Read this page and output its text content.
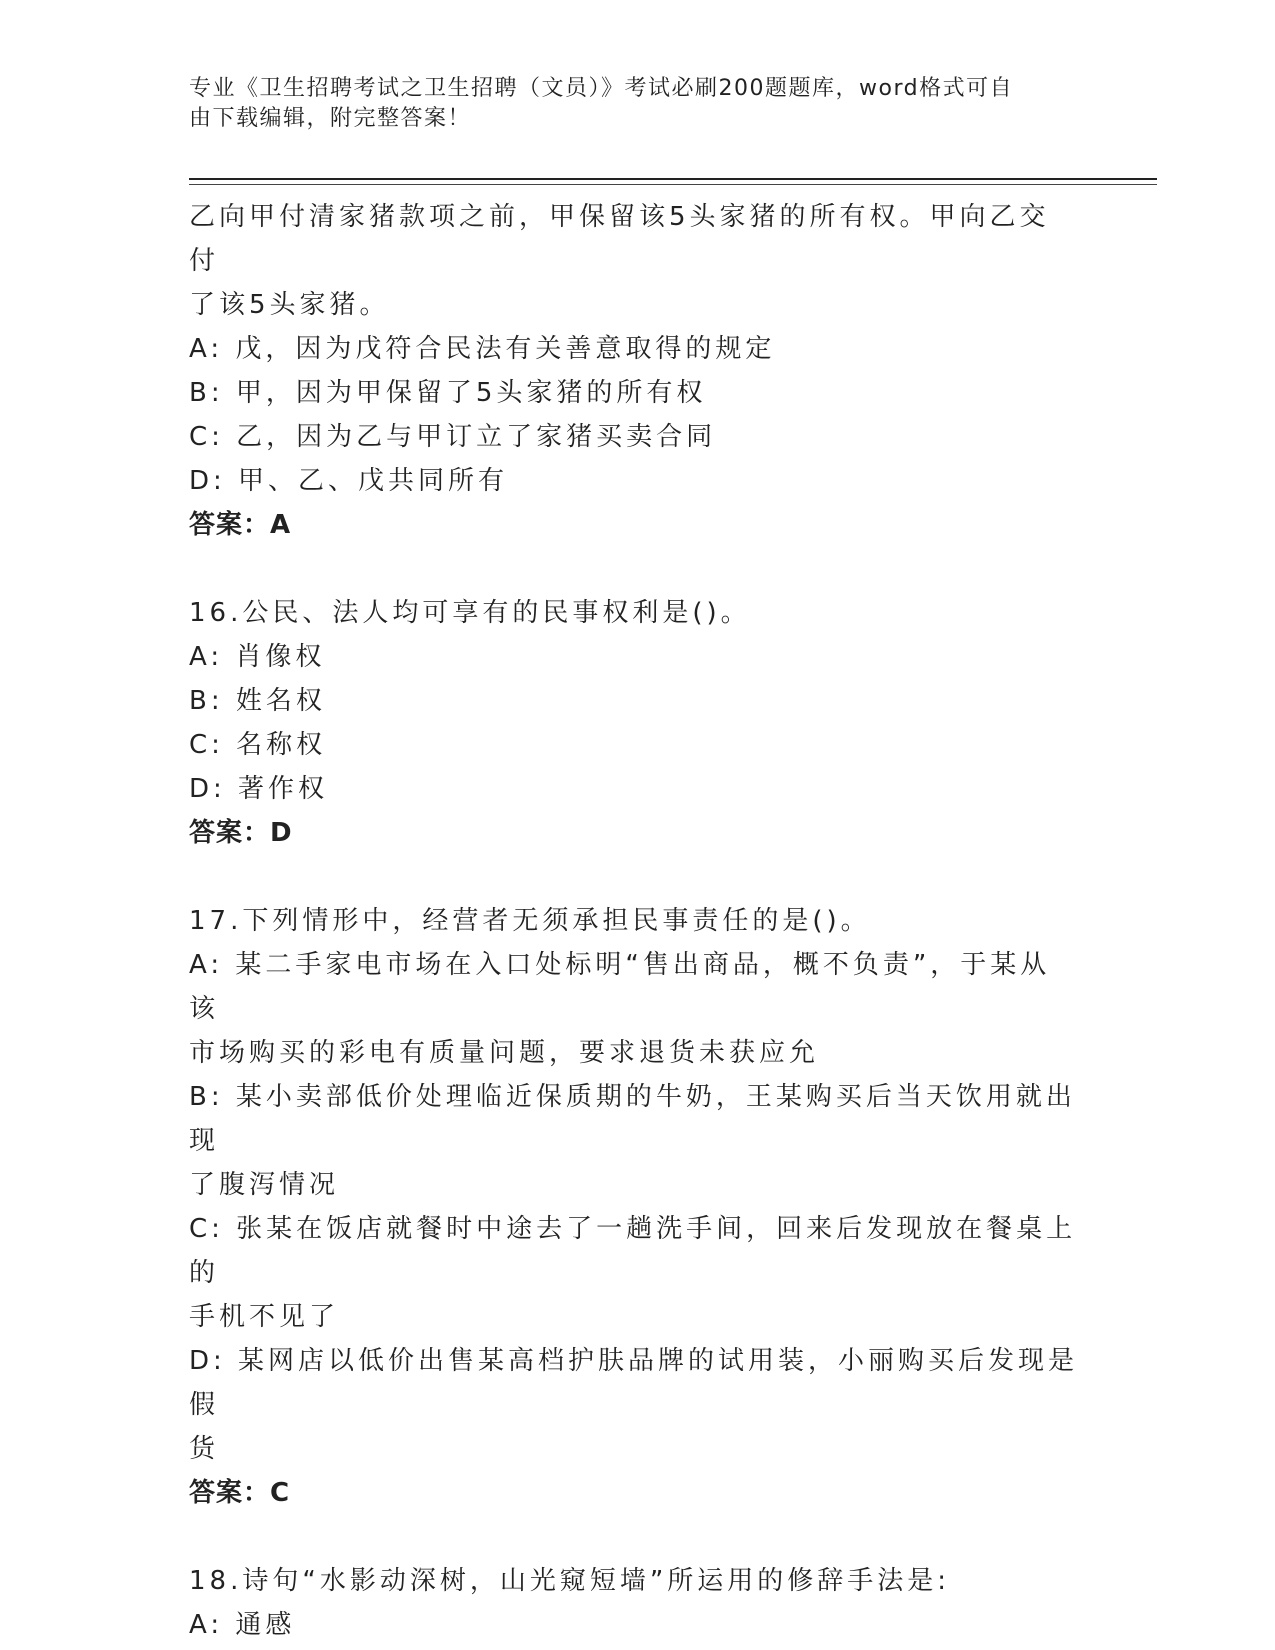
专业《卫生招聘考试之卫生招聘（文员）》考试必刷200题题库，word格式可自
由下载编辑，附完整答案！
乙向甲付清家猪款项之前，甲保留该5头家猪的所有权。甲向乙交付
了该5头家猪。
A: 戊，因为戊符合民法有关善意取得的规定
B: 甲，因为甲保留了5头家猪的所有权
C: 乙，因为乙与甲订立了家猪买卖合同
D: 甲、乙、戊共同所有
答案：A
16.公民、法人均可享有的民事权利是()。
A: 肖像权
B: 姓名权
C: 名称权
D: 著作权
答案：D
17.下列情形中，经营者无须承担民事责任的是()。
A: 某二手家电市场在入口处标明“售出商品，概不负责”，于某从该
市场购买的彩电有质量问题，要求退货未获应允
B: 某小卖部低价处理临近保质期的牛奶，王某购买后当天饮用就出现
了腹泻情况
C: 张某在饭店就餐时中途去了一趟洗手间，回来后发现放在餐桌上的
手机不见了
D: 某网店以低价出售某高档护肤品牌的试用装，小丽购买后发现是假
货
答案：C
18.诗句“水影动深树，山光窥短墙”所运用的修辞手法是:
A: 通感
